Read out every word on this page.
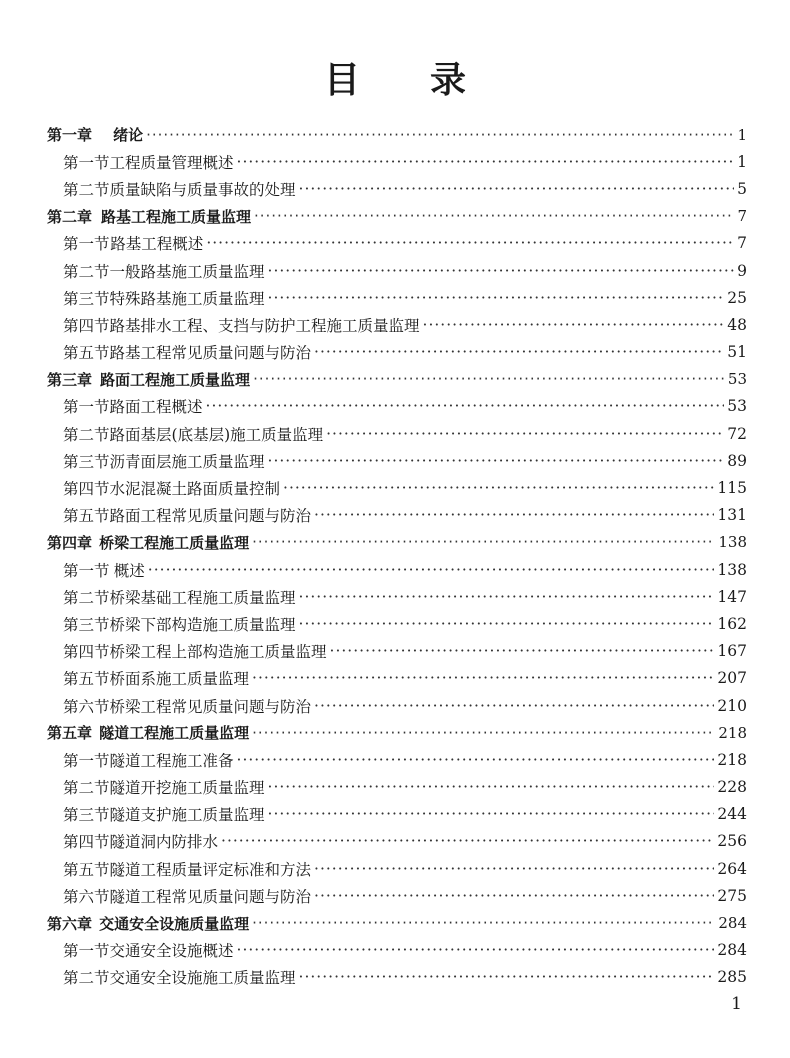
目 录
第一章	绪论 ·····	1
第一节 工程质量管理概述 ·····	1
第二节 质量缺陷与质量事故的处理 ·····	5
第二章 路基工程施工质量监理 ·····	7
第一节 路基工程概述 ·····	7
第二节 一般路基施工质量监理 ·····	9
第三节 特殊路基施工质量监理 ·····	25
第四节 路基排水工程、支挡与防护工程施工质量监理 ·····	48
第五节 路基工程常见质量问题与防治 ·····	51
第三章 路面工程施工质量监理 ·····	53
第一节 路面工程概述 ·····	53
第二节 路面基层(底基层)施工质量监理 ·····	72
第三节 沥青面层施工质量监理 ·····	89
第四节 水泥混凝土路面质量控制 ·····	115
第五节 路面工程常见质量问题与防治 ·····	131
第四章 桥梁工程施工质量监理 ·····	138
第一节 概述 ·····	138
第二节 桥梁基础工程施工质量监理 ·····	147
第三节 桥梁下部构造施工质量监理 ·····	162
第四节 桥梁工程上部构造施工质量监理 ·····	167
第五节 桥面系施工质量监理 ·····	207
第六节 桥梁工程常见质量问题与防治 ·····	210
第五章 隧道工程施工质量监理 ·····	218
第一节 隧道工程施工准备 ·····	218
第二节 隧道开挖施工质量监理 ·····	228
第三节 隧道支护施工质量监理 ·····	244
第四节 隧道洞内防排水 ·····	256
第五节 隧道工程质量评定标准和方法 ·····	264
第六节 隧道工程常见质量问题与防治 ·····	275
第六章 交通安全设施质量监理 ·····	284
第一节 交通安全设施概述 ·····	284
第二节 交通安全设施施工质量监理 ·····	285
1
